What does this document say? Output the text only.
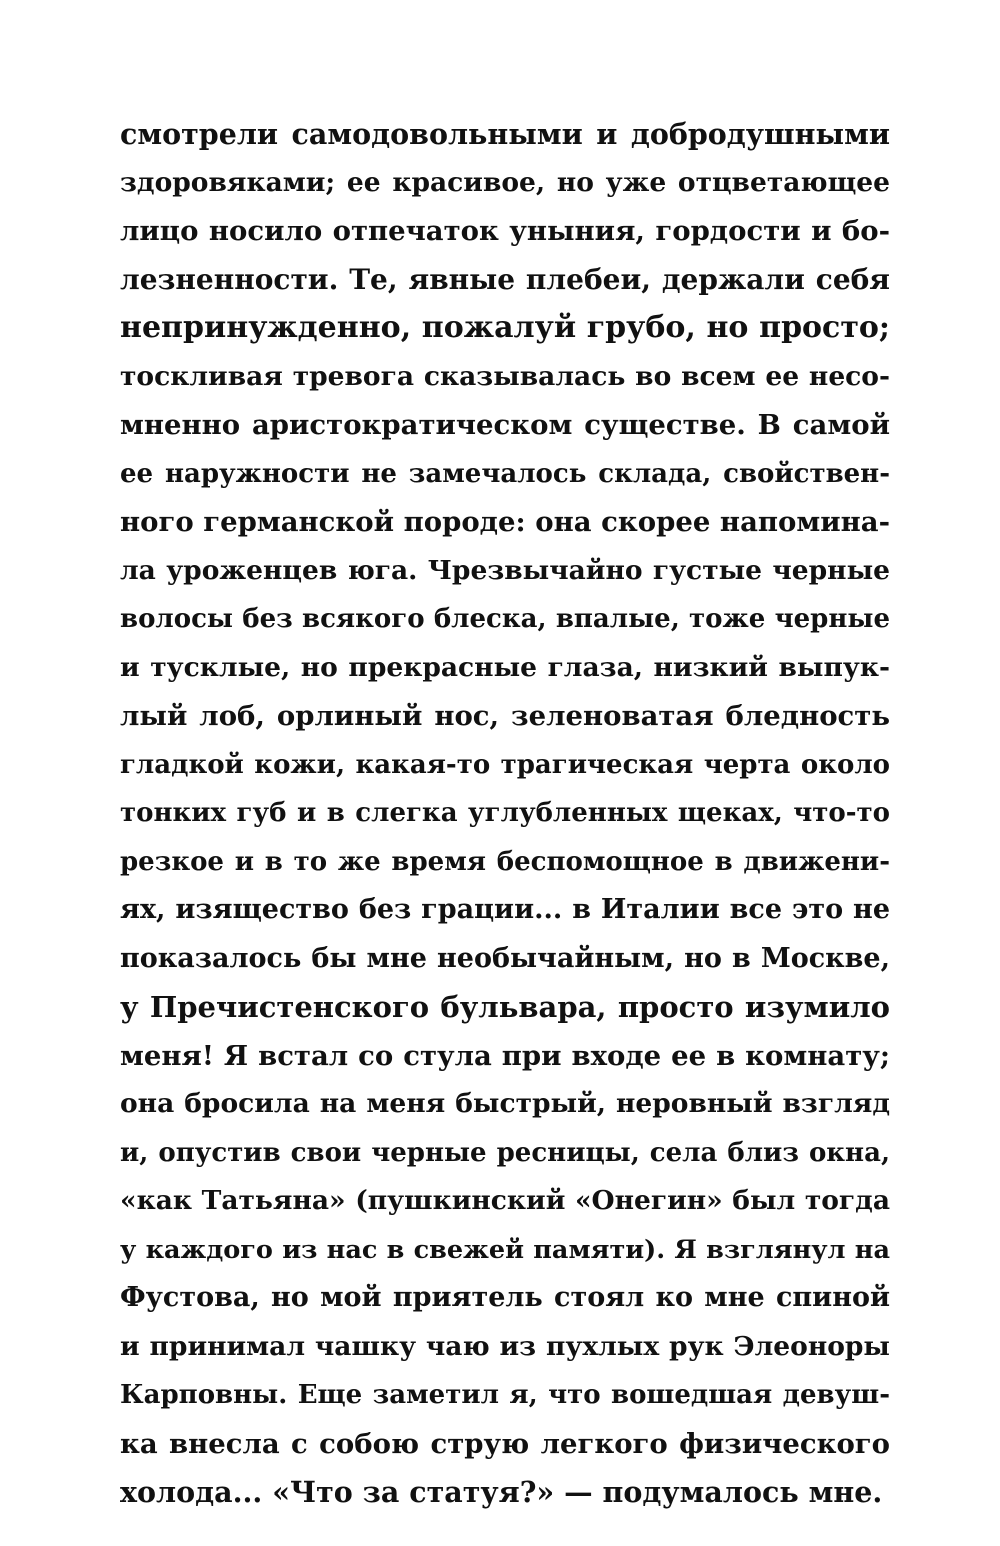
смотрели самодовольными и добродушными
здоровяками; ее красивое, но уже отцветающее
лицо носило отпечаток уныния, гордости и бо-
лезненности. Те, явные плебеи, держали себя
непринужденно, пожалуй грубо, но просто;
тоскливая тревога сказывалась во всем ее несо-
мненно аристократическом существе. В самой
ее наружности не замечалось склада, свойствен-
ного германской породе: она скорее напомина-
ла уроженцев юга. Чрезвычайно густые черные
волосы без всякого блеска, впалые, тоже черные
и тусклые, но прекрасные глаза, низкий выпук-
лый лоб, орлиный нос, зеленоватая бледность
гладкой кожи, какая-то трагическая черта около
тонких губ и в слегка углубленных щеках, что-то
резкое и в то же время беспомощное в движени-
ях, изящество без грации... в Италии все это не
показалось бы мне необычайным, но в Москве,
у Пречистенского бульвара, просто изумило
меня! Я встал со стула при входе ее в комнату;
она бросила на меня быстрый, неровный взгляд
и, опустив свои черные ресницы, села близ окна,
«как Татьяна» (пушкинский «Онегин» был тогда
у каждого из нас в свежей памяти). Я взглянул на
Фустова, но мой приятель стоял ко мне спиной
и принимал чашку чаю из пухлых рук Элеоноры
Карповны. Еще заметил я, что вошедшая девуш-
ка внесла с собою струю легкого физического
холода... «Что за статуя?» — подумалось мне.
